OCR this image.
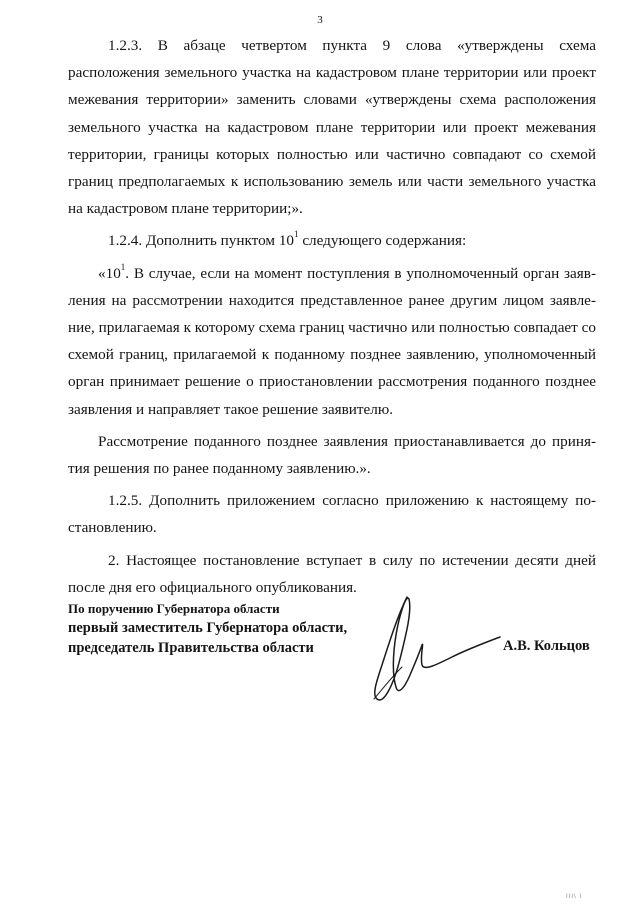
3

1.2.3. В абзаце четвертом пункта 9 слова «утверждены схема расположения земельного участка на кадастровом плане территории или проект межевания территории» заменить словами «утверждены схема расположения земельного участка на кадастровом плане территории или проект межевания территории, границы которых полностью или частично совпадают со схемой границ предполагаемых к использованию земель или части земельного участка на кадастровом плане территории;».

1.2.4. Дополнить пунктом $10^1$ следующего содержания:

«$10^1$. В случае, если на момент поступления в уполномоченный орган заявления на рассмотрении находится представленное ранее другим лицом заявление, прилагаемая к которому схема границ частично или полностью совпадает со схемой границ, прилагаемой к поданному позднее заявлению, уполномоченный орган принимает решение о приостановлении рассмотрения поданного позднее заявления и направляет такое решение заявителю.

Рассмотрение поданного позднее заявления приостанавливается до принятия решения по ранее поданному заявлению.».

1.2.5. Дополнить приложением согласно приложению к настоящему постановлению.

2. Настоящее постановление вступает в силу по истечении десяти дней после дня его официального опубликования.

По поручению Губернатора области
первый заместитель Губернатора области,
председатель Правительства области	А.В. Кольцов
III\ I
